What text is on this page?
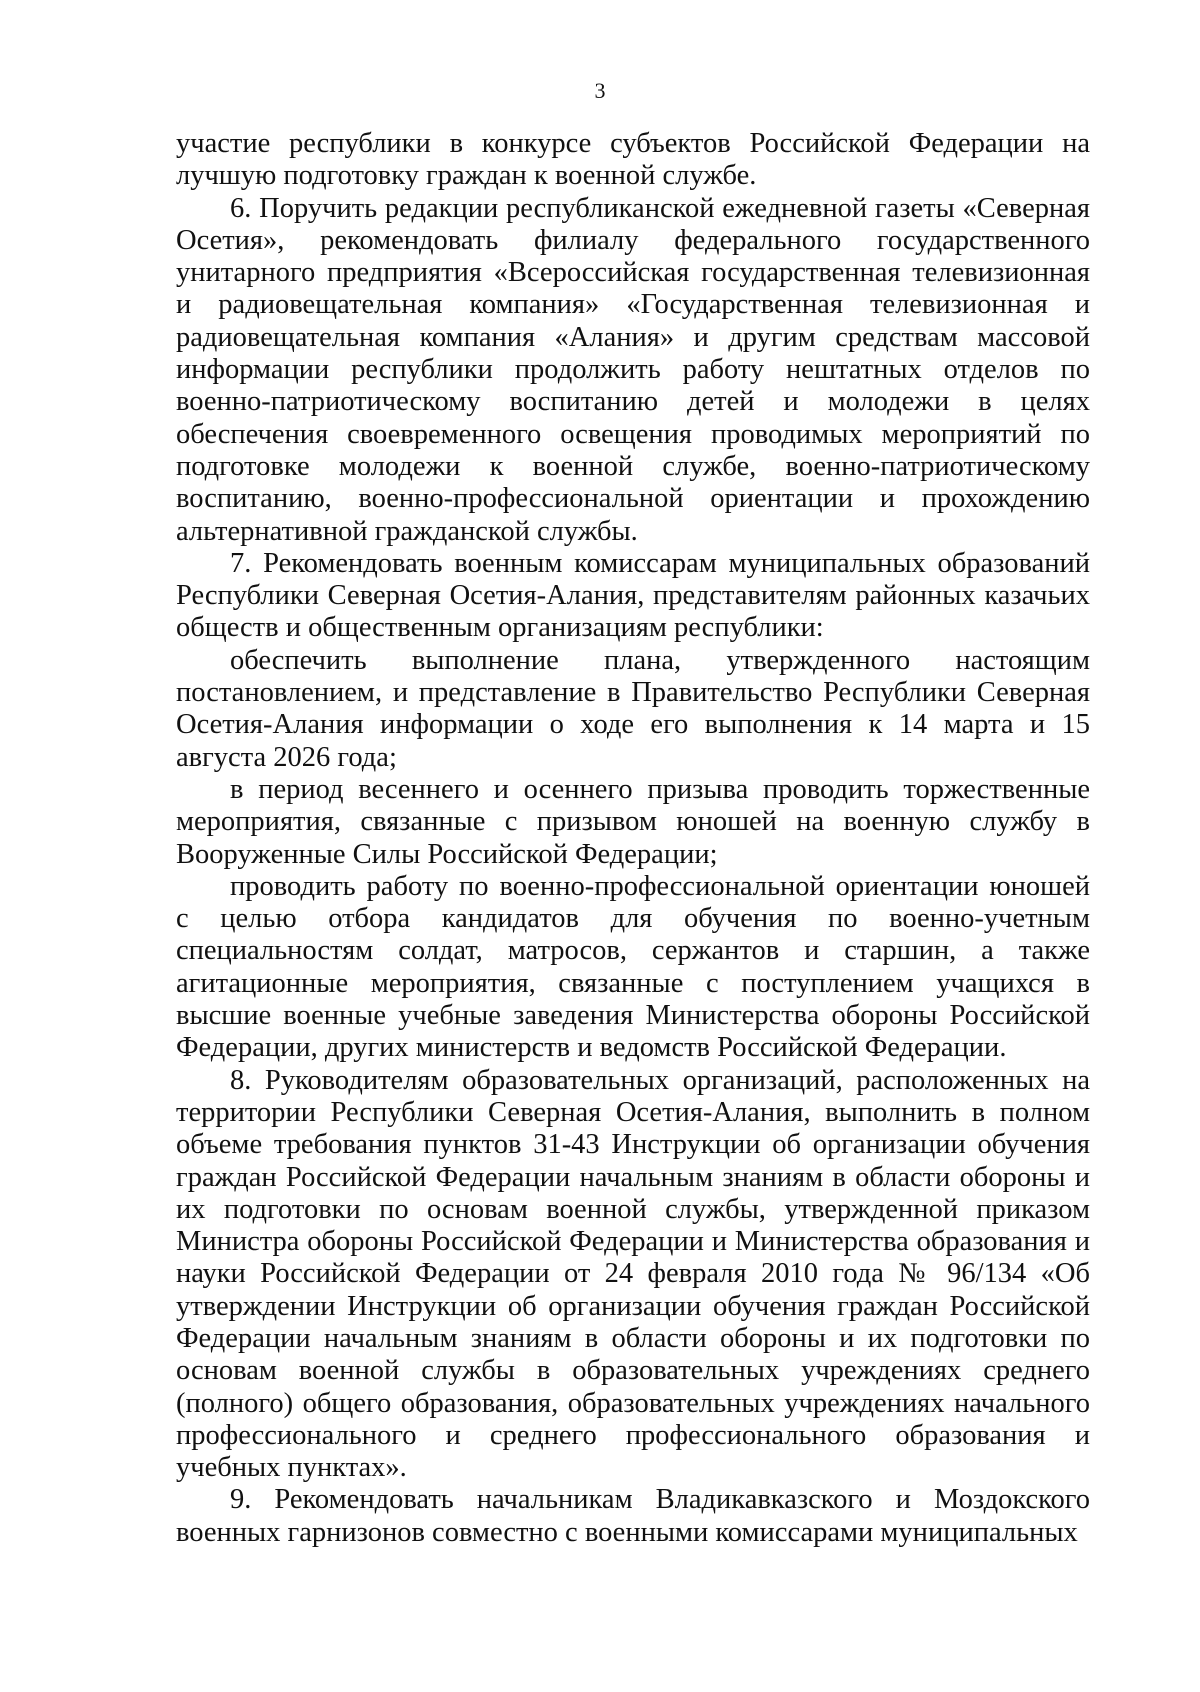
3

участие республики в конкурсе субъектов Российской Федерации на лучшую подготовку граждан к военной службе.

6. Поручить редакции республиканской ежедневной газеты «Северная Осетия», рекомендовать филиалу федерального государственного унитарного предприятия «Всероссийская государственная телевизионная и радиовещательная компания» «Государственная телевизионная и радиовещательная компания «Алания» и другим средствам массовой информации республики продолжить работу нештатных отделов по военно-патриотическому воспитанию детей и молодежи в целях обеспечения своевременного освещения проводимых мероприятий по подготовке молодежи к военной службе, военно-патриотическому воспитанию, военно-профессиональной ориентации и прохождению альтернативной гражданской службы.

7. Рекомендовать военным комиссарам муниципальных образований Республики Северная Осетия-Алания, представителям районных казачьих обществ и общественным организациям республики:

обеспечить выполнение плана, утвержденного настоящим постановлением, и представление в Правительство Республики Северная Осетия-Алания информации о ходе его выполнения к 14 марта и 15 августа 2026 года;

в период весеннего и осеннего призыва проводить торжественные мероприятия, связанные с призывом юношей на военную службу в Вооруженные Силы Российской Федерации;

проводить работу по военно-профессиональной ориентации юношей с целью отбора кандидатов для обучения по военно-учетным специальностям солдат, матросов, сержантов и старшин, а также агитационные мероприятия, связанные с поступлением учащихся в высшие военные учебные заведения Министерства обороны Российской Федерации, других министерств и ведомств Российской Федерации.

8. Руководителям образовательных организаций, расположенных на территории Республики Северная Осетия-Алания, выполнить в полном объеме требования пунктов 31-43 Инструкции об организации обучения граждан Российской Федерации начальным знаниям в области обороны и их подготовки по основам военной службы, утвержденной приказом Министра обороны Российской Федерации и Министерства образования и науки Российской Федерации от 24 февраля 2010 года № 96/134 «Об утверждении Инструкции об организации обучения граждан Российской Федерации начальным знаниям в области обороны и их подготовки по основам военной службы в образовательных учреждениях среднего (полного) общего образования, образовательных учреждениях начального профессионального и среднего профессионального образования и учебных пунктах».

9. Рекомендовать начальникам Владикавказского и Моздокского военных гарнизонов совместно с военными комиссарами муниципальных
